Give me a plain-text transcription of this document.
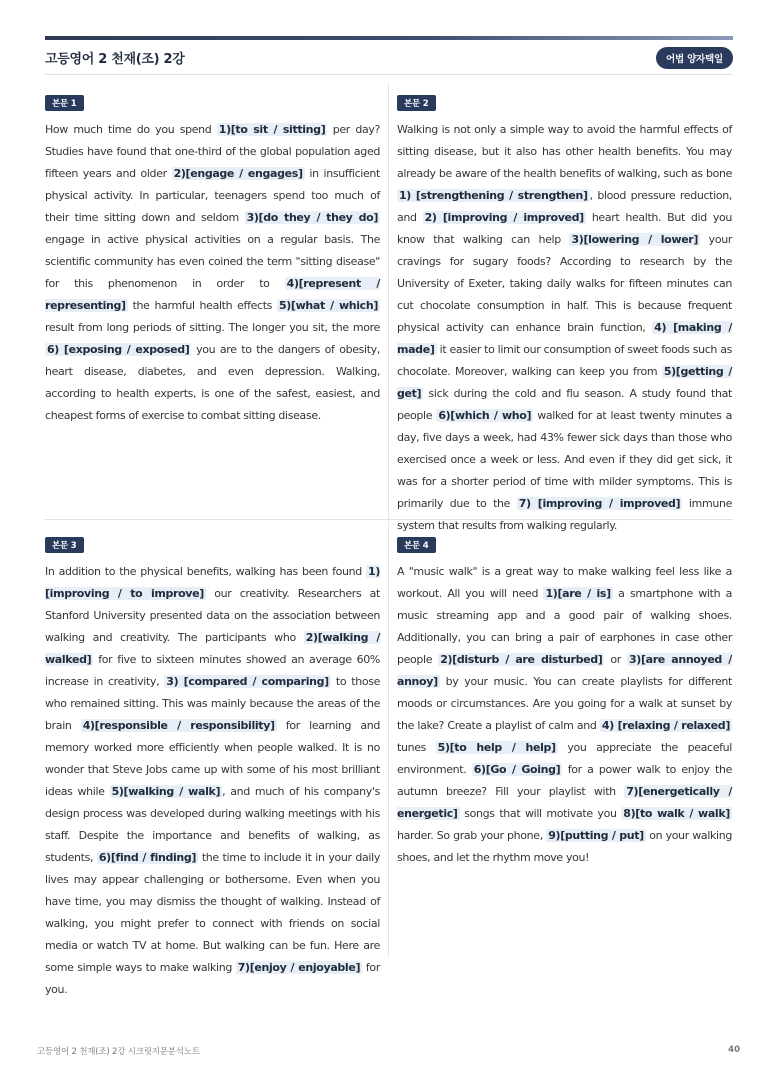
고등영어 2 천재(조) 2강	어법 양자택일
본문 1
How much time do you spend 1)[to sit / sitting] per day? Studies have found that one-third of the global population aged fifteen years and older 2)[engage / engages] in insufficient physical activity. In particular, teenagers spend too much of their time sitting down and seldom 3)[do they / they do] engage in active physical activities on a regular basis. The scientific community has even coined the term "sitting disease" for this phenomenon in order to 4)[represent / representing] the harmful health effects 5)[what / which] result from long periods of sitting. The longer you sit, the more 6) [exposing / exposed] you are to the dangers of obesity, heart disease, diabetes, and even depression. Walking, according to health experts, is one of the safest, easiest, and cheapest forms of exercise to combat sitting disease.
본문 2
Walking is not only a simple way to avoid the harmful effects of sitting disease, but it also has other health benefits. You may already be aware of the health benefits of walking, such as bone 1) [strengthening / strengthen] , blood pressure reduction, and 2) [improving / improved] heart health. But did you know that walking can help 3)[lowering / lower] your cravings for sugary foods? According to research by the University of Exeter, taking daily walks for fifteen minutes can cut chocolate consumption in half. This is because frequent physical activity can enhance brain function, 4) [making / made] it easier to limit our consumption of sweet foods such as chocolate. Moreover, walking can keep you from 5)[getting / get] sick during the cold and flu season. A study found that people 6)[which / who] walked for at least twenty minutes a day, five days a week, had 43% fewer sick days than those who exercised once a week or less. And even if they did get sick, it was for a shorter period of time with milder symptoms. This is primarily due to the 7) [improving / improved] immune system that results from walking regularly.
본문 3
In addition to the physical benefits, walking has been found 1) [improving / to improve] our creativity. Researchers at Stanford University presented data on the association between walking and creativity. The participants who 2)[walking / walked] for five to sixteen minutes showed an average 60% increase in creativity, 3) [compared / comparing] to those who remained sitting. This was mainly because the areas of the brain 4)[responsible / responsibility] for learning and memory worked more efficiently when people walked. It is no wonder that Steve Jobs came up with some of his most brilliant ideas while 5)[walking / walk] , and much of his company's design process was developed during walking meetings with his staff. Despite the importance and benefits of walking, as students, 6)[find / finding] the time to include it in your daily lives may appear challenging or bothersome. Even when you have time, you may dismiss the thought of walking. Instead of walking, you might prefer to connect with friends on social media or watch TV at home. But walking can be fun. Here are some simple ways to make walking 7)[enjoy / enjoyable] for you.
본문 4
A "music walk" is a great way to make walking feel less like a workout. All you will need 1)[are / is] a smartphone with a music streaming app and a good pair of walking shoes. Additionally, you can bring a pair of earphones in case other people 2)[disturb / are disturbed] or 3)[are annoyed / annoy] by your music. You can create playlists for different moods or circumstances. Are you going for a walk at sunset by the lake? Create a playlist of calm and 4) [relaxing / relaxed] tunes 5)[to help / help] you appreciate the peaceful environment. 6)[Go / Going] for a power walk to enjoy the autumn breeze? Fill your playlist with 7)[energetically / energetic] songs that will motivate you 8)[to walk / walk] harder. So grab your phone, 9)[putting / put] on your walking shoes, and let the rhythm move you!
고등영어 2 천재(조) 2강 시크릿지문분석노트	40
